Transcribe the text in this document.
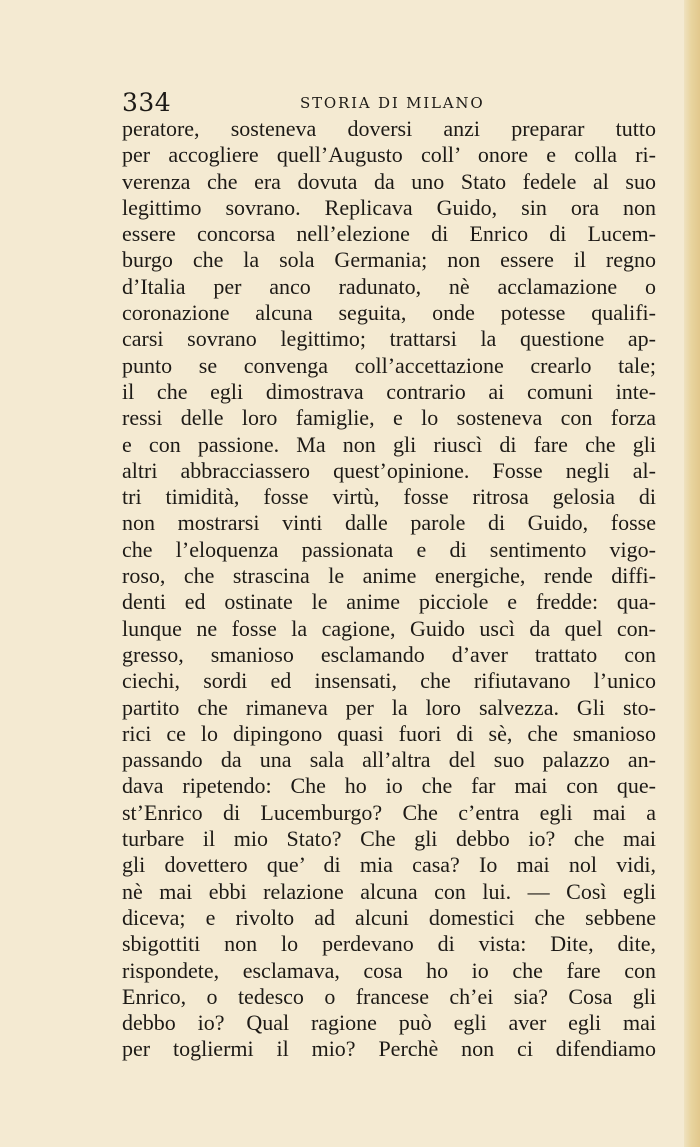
334	STORIA DI MILANO
peratore, sosteneva doversi anzi preparar tutto
per accogliere quell’Augusto coll’ onore e colla ri-
verenza che era dovuta da uno Stato fedele al suo
legittimo sovrano. Replicava Guido, sin ora non
essere concorsa nell’elezione di Enrico di Lucem-
burgo che la sola Germania; non essere il regno
d’Italia per anco radunato, nè acclamazione o
coronazione alcuna seguita, onde potesse qualifi-
carsi sovrano legittimo; trattarsi la questione ap-
punto se convenga coll’accettazione crearlo tale;
il che egli dimostrava contrario ai comuni inte-
ressi delle loro famiglie, e lo sosteneva con forza
e con passione. Ma non gli riuscì di fare che gli
altri abbracciassero quest’opinione. Fosse negli al-
tri timidità, fosse virtù, fosse ritrosa gelosia di
non mostrarsi vinti dalle parole di Guido, fosse
che l’eloquenza passionata e di sentimento vigo-
roso, che strascina le anime energiche, rende diffi-
denti ed ostinate le anime picciole e fredde: qua-
lunque ne fosse la cagione, Guido uscì da quel con-
gresso, smanioso esclamando d’aver trattato con
ciechi, sordi ed insensati, che rifiutavano l’unico
partito che rimaneva per la loro salvezza. Gli sto-
rici ce lo dipingono quasi fuori di sè, che smanioso
passando da una sala all’altra del suo palazzo an-
dava ripetendo: Che ho io che far mai con que-
st’Enrico di Lucemburgo? Che c’entra egli mai a
turbare il mio Stato? Che gli debbo io? che mai
gli dovettero que’ di mia casa? Io mai nol vidi,
nè mai ebbi relazione alcuna con lui. — Così egli
diceva; e rivolto ad alcuni domestici che sebbene
sbigottiti non lo perdevano di vista: Dite, dite,
rispondete, esclamava, cosa ho io che fare con
Enrico, o tedesco o francese ch’ei sia? Cosa gli
debbo io? Qual ragione può egli aver egli mai
per togliermi il mio? Perchè non ci difendiamo
